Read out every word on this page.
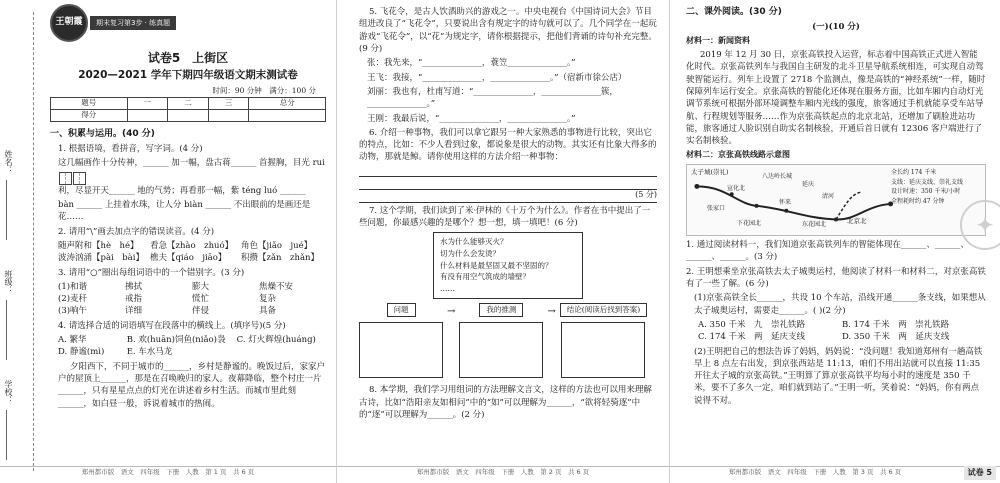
姓名：
班级：
学校：
王朝霞	期末复习第3步 · 练真题
试卷5　上街区
2020—2021 学年下期四年级语文期末测试卷
时间：90 分钟　满分：100 分
题号	一	二	三	总分
得分				
一、积累与运用。(40 分)
1. 根据语境，看拼音，写字词。(4 分)
这几幅画作十分传神，______ 加一幅，盘古蒋______ 首握胸，目光 rui
利，尽显开天______ 地的气势；再看那一幅，紫 téng luó ______
bàn ______ 上挂着水珠，让人分 biàn ______ 不出眼前的是画还是花……
2. 请用“\”画去加点字的错误读音。(4 分)
随声附和【hè　hé】	看急【zhào　zhuó】 角色【jiǎo　jué】
波涛汹涌【pài　bài】 樵夫【qiáo　jiāo】	积攒【zǎn　zhǎn】
3. 请用“○”圈出每组词语中的一个错别字。(3 分)
(1)和谐	拂拭	膨大	焦燥不安
(2)麦秆	戒指	慌忙	复杂
(3)响午	详细	伴侵	具备
4. 请选择合适的词语填写在段落中的横线上。(填序号)(5 分)
A. 繁华	B. 欢(huān)饲鱼(niǎo)袅	C. 灯火辉煌(huáng)
D. 静谧(mì)	E. 车水马龙
夕阳西下，不同于城市的______，乡村是静谧的。晚饭过后，家家户户的屋顶上______，那是在召唤晚归的家人。夜幕降临，整个村庄一片______，只有星星点点的灯光在讲述着乡村生活。而城市里此刻______，如白昼一般，诉说着城市的热闹。
郑州都市版　语文　四年级　下册　人教　第 1 页　共 6 页
5. 飞花令，是古人饮酒助兴的游戏之一。中央电视台《中国诗词大会》节目组进改良了“飞花令”，只要说出含有规定字的诗句就可以了。几个同学在一起玩游戏“飞花令”，以“花”为规定字，请你根据提示，把他们背诵的诗句补充完整。(9 分)
张：我先来，“______________，蓑笠______________。”
王飞：我接，“______________，______________。”（宿新市徐公店）
刘丽：我也有，杜甫写道：“______________，______________簇，______________。”
王刚：我最后说，“______________，______________。”
6. 介绍一种事物，我们可以拿它跟另一种大家熟悉的事物进行比较，突出它的特点，比如：不少人看到过象，都说象是很大的动物。其实还有比象大得多的动物，那就是鲸。请你使用这样的方法介绍一种事物：
(5 分)
7. 这个学期，我们读到了米·伊林的《十万个为什么》。作者在书中提出了一些问题，你最感兴趣的是哪个？想一想，填一填吧！(6 分)
水为什么能够灭火？
切为什么会发烫？
什么材料是最坚固又最不坚固的？
有没有用空气筑成的墙壁？
……
问题	→	我的推测	→	结论(阅读后找到答案)
8. 本学期，我们学习用组词的方法理解文言文，这样的方法也可以用来理解古诗，比如“浩阳亲友如相问”中的“如”可以理解为______，“欲将轻骑逐”中的“逐”可以理解为______。(2 分)
郑州都市版　语文　四年级　下册　人教　第 2 页　共 6 页
二、课外阅读。(30 分)
(一)(10 分)
材料一：新闻资料
2019 年 12 月 30 日，京张高铁投入运营，标志着中国高铁正式进入智能化时代。京张高铁列车与我国自主研发的北斗卫星导航系统相连，可实现自动驾驶智能运行。列车上设置了 2718 个监测点，像是高铁的“神经系统”一样，随时保障列车运行安全。京张高铁的智能化还体现在服务方面，比如车厢内自动灯光调节系统可根据外部环境调整车厢内光线的强度，旅客通过手机就能享受车站导航、行程规划等服务……作为京张高铁起点的北京北站，还增加了刷脸进站功能，旅客通过人脸识别自助实名制核验，开通后首日就有 12306 客户端进行了实名制核验。
材料二：京张高铁线路示意图
太子城(崇礼)
北京北
宣化北
张家口
怀来
下花园北
延庆
东花园北
清河
八达岭长城
全长约 174 千米
支线：延庆支线、崇礼支线
设计时速：350 千米/小时
全程耗时约 47 分钟
1. 通过阅读材料一，我们知道京张高铁列车的智能体现在______、______、______、______。(3 分)
2. 王明想乘坐京张高铁去太子城奥运村，他阅读了材料一和材料二，对京张高铁有了一些了解。(6 分)
(1)京张高铁全长______，共设 10 个车站，沿线开通______条支线，如果想从太子城奥运村，需要走______。( )(2 分)
A. 350 千米　九　崇礼铁路	B. 174 千米　两　崇礼铁路
C. 174 千米　两　延庆支线	D. 350 千米　两　延庆支线
(2)王明把自己的想法告诉了妈妈，妈妈说：“没问题！我知道郑州有一趟高铁早上 8 点左右出发，到京张西站是 11:13，咱们不用出站就可以直接 11:35 开往太子城的京张高铁。”王明算了算京张高铁平均每小时的速度是 350 千米，要不了多久一定，咱们就到站了。”王明一听，笑着说：“妈妈，你有两点说得不对。
✦
郑州都市版　语文　四年级　下册　人教　第 3 页　共 6 页	试卷 5
